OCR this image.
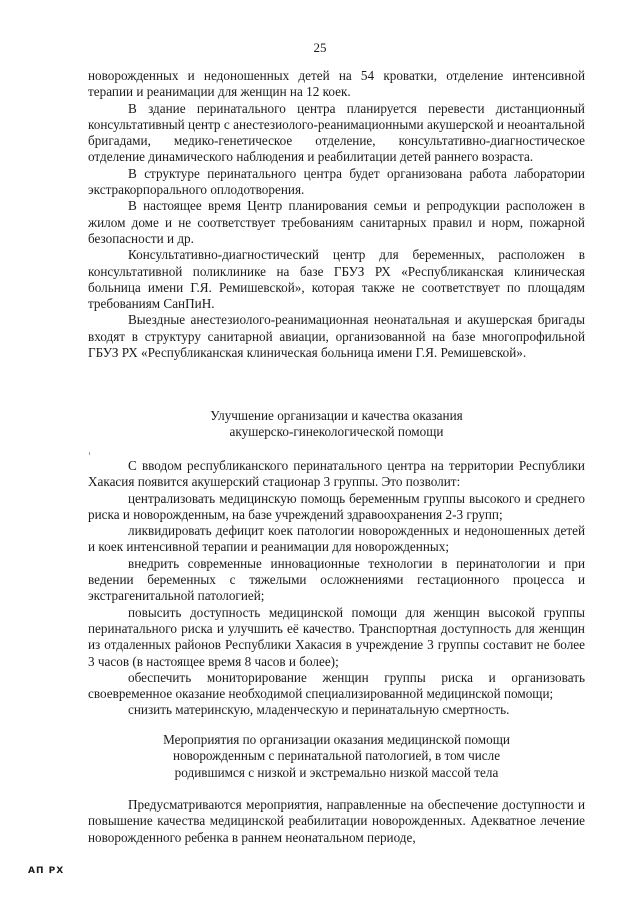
25

новорожденных и недоношенных детей на 54 кроватки, отделение интенсивной терапии и реанимации для женщин на 12 коек.

В здание перинатального центра планируется перевести дистанционный консультативный центр с анестезиолого-реанимационными акушерской и неоантальной бригадами, медико-генетическое отделение, консультативно-диагностическое отделение динамического наблюдения и реабилитации детей раннего возраста.

В структуре перинатального центра будет организована работа лаборатории экстракорпорального оплодотворения.

В настоящее время Центр планирования семьи и репродукции расположен в жилом доме и не соответствует требованиям санитарных правил и норм, пожарной безопасности и др.

Консультативно-диагностический центр для беременных, расположен в консультативной поликлинике на базе ГБУЗ РХ «Республиканская клиническая больница имени Г.Я. Ремишевской», которая также не соответствует по площадям требованиям СанПиН.

Выездные анестезиолого-реанимационная неонатальная и акушерская бригады входят в структуру санитарной авиации, организованной на базе многопрофильной ГБУЗ РХ «Республиканская клиническая больница имени Г.Я. Ремишевской».

Улучшение организации и качества оказания
акушерско-гинекологической помощи

С вводом республиканского перинатального центра на территории Республики Хакасия появится акушерский стационар 3 группы. Это позволит:

централизовать медицинскую помощь беременным группы высокого и среднего риска и новорожденным, на базе учреждений здравоохранения 2-3 групп;

ликвидировать дефицит коек патологии новорожденных и недоношенных детей и коек интенсивной терапии и реанимации для новорожденных;

внедрить современные инновационные технологии в перинатологии и при ведении беременных с тяжелыми осложнениями гестационного процесса и экстрагенитальной патологией;

повысить доступность медицинской помощи для женщин высокой группы перинатального риска и улучшить её качество. Транспортная доступность для женщин из отдаленных районов Республики Хакасия в учреждение 3 группы составит не более 3 часов (в настоящее время 8 часов и более);

обеспечить мониторирование женщин группы риска и организовать своевременное оказание необходимой специализированной медицинской помощи;

снизить материнскую, младенческую и перинатальную смертность.

Мероприятия по организации оказания медицинской помощи
новорожденным с перинатальной патологией, в том числе
родившимся с низкой и экстремально низкой массой тела

Предусматриваются мероприятия, направленные на обеспечение доступности и повышение качества медицинской реабилитации новорожденных. Адекватное лечение новорожденного ребенка в раннем неонатальном периоде,

АП РХ
